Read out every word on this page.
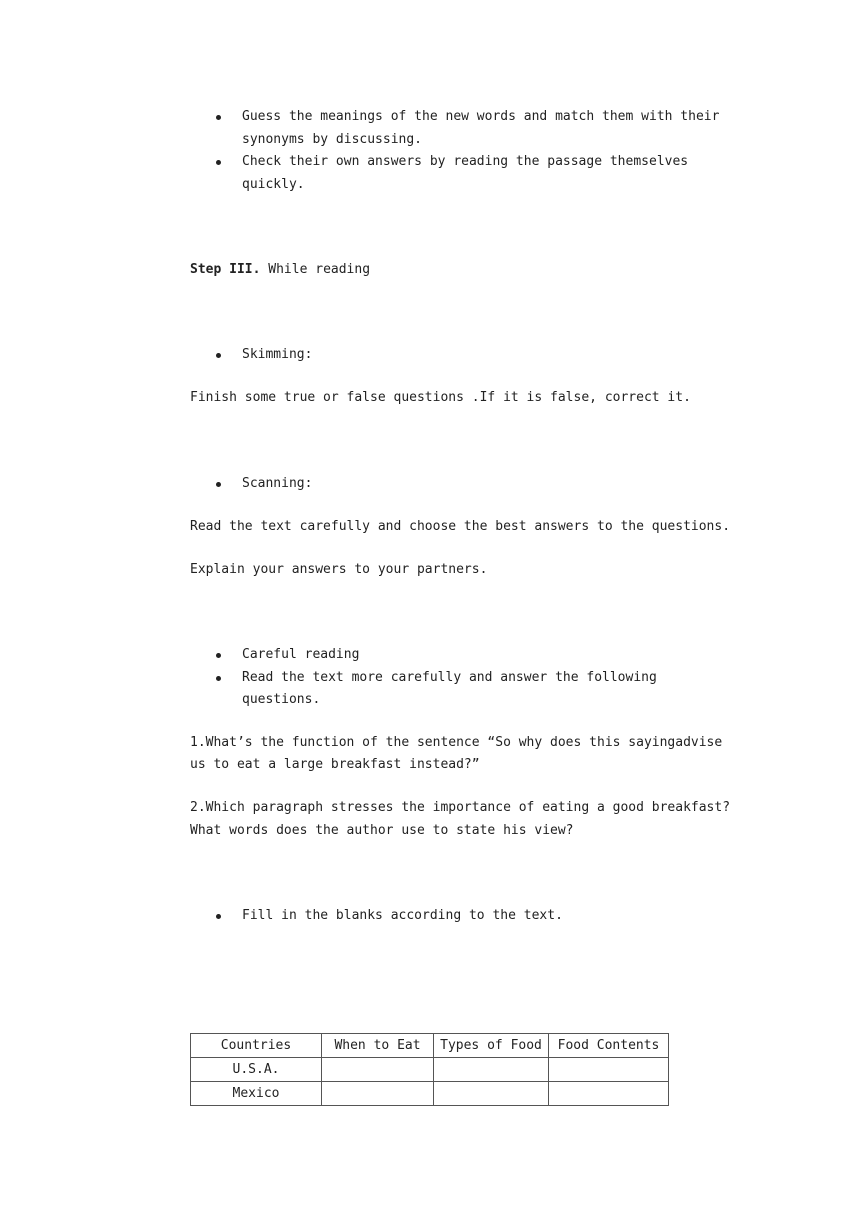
Guess the meanings of the new words and match them with their
synonyms by discussing.
Check their own answers by reading the passage themselves
quickly.
Step III. While reading
Skimming:
Finish some true or false questions .If it is false, correct it.
Scanning:
Read the text carefully and choose the best answers to the questions.
Explain your answers to your partners.
Careful reading
Read the text more carefully and answer the following
questions.
1.What’s the function of the sentence “So why does this sayingadvise
us to eat a large breakfast instead?”
2.Which paragraph stresses the importance of eating a good breakfast?
What words does the author use to state his view?
Fill in the blanks according to the text.
Countries	When to Eat	Types of Food	Food Contents
U.S.A.			
Mexico			
